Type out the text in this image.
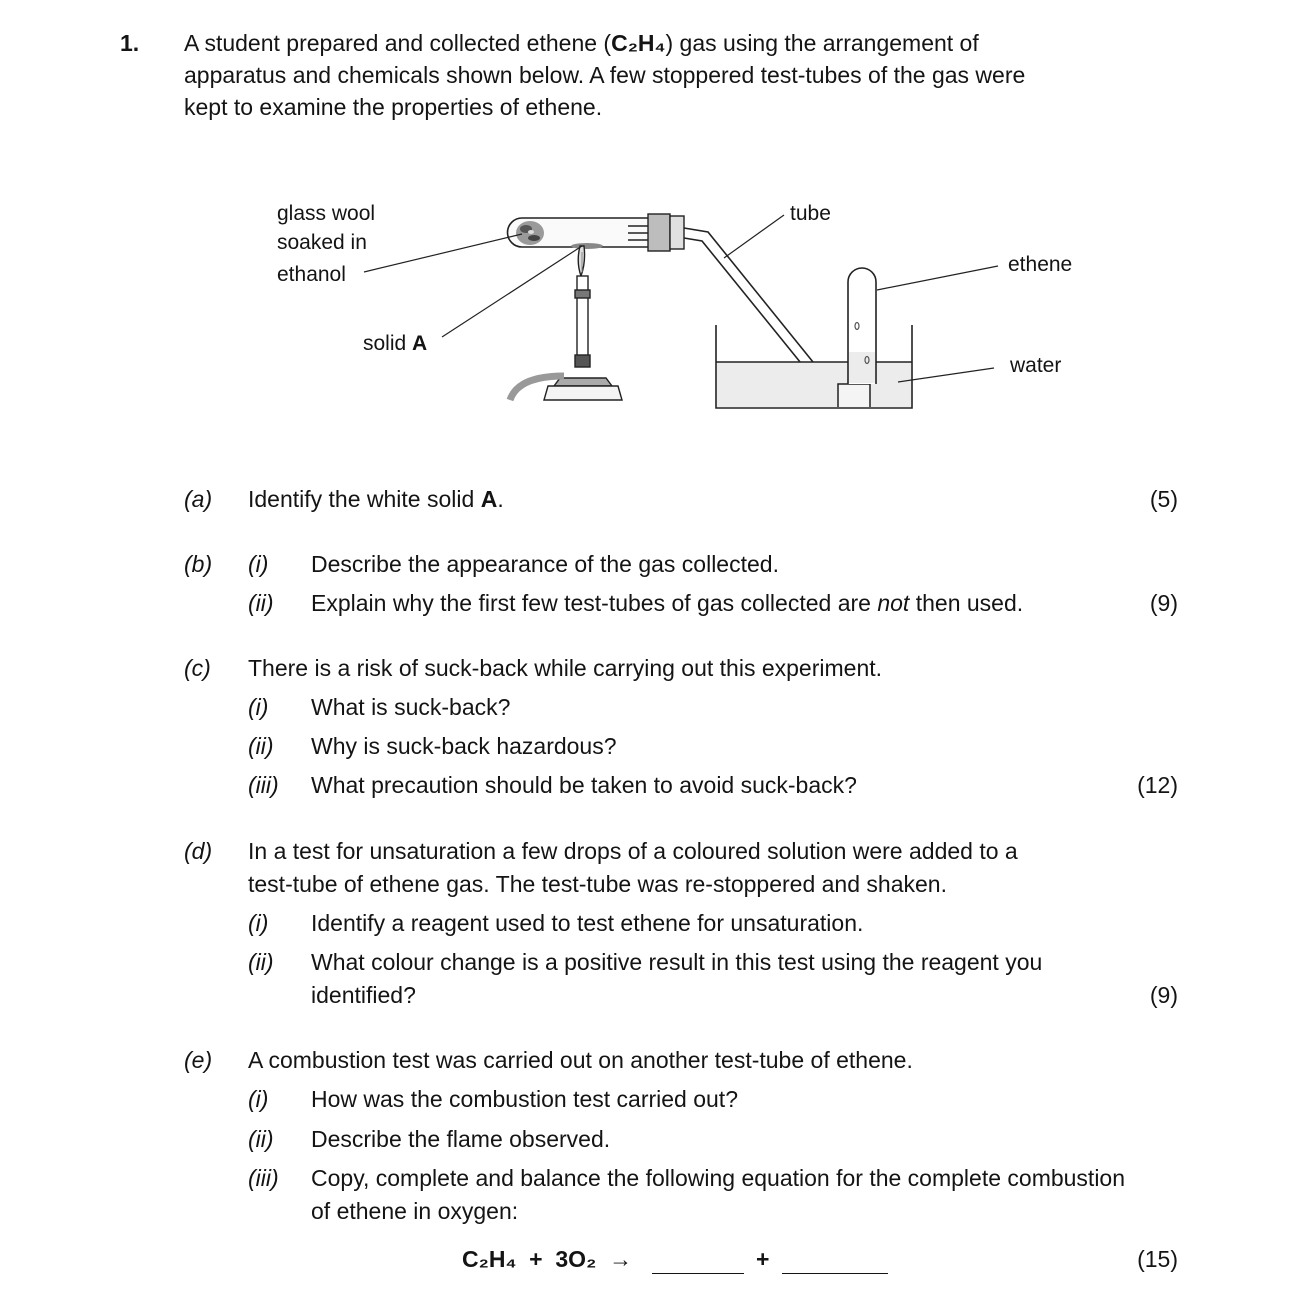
1. A student prepared and collected ethene (C₂H₄) gas using the arrangement of
apparatus and chemicals shown below. A few stoppered test-tubes of the gas were
kept to examine the properties of ethene.
glass wool
soaked in
ethanol
solid A
tube
ethene
water
(a) Identify the white solid A.	(5)
(b) (i) Describe the appearance of the gas collected.
(ii) Explain why the first few test-tubes of gas collected are not then used.	(9)
(c) There is a risk of suck-back while carrying out this experiment.
(i) What is suck-back?
(ii) Why is suck-back hazardous?
(iii) What precaution should be taken to avoid suck-back?	(12)
(d) In a test for unsaturation a few drops of a coloured solution were added to a
test-tube of ethene gas. The test-tube was re-stoppered and shaken.
(i) Identify a reagent used to test ethene for unsaturation.
(ii) What colour change is a positive result in this test using the reagent you
identified?	(9)
(e) A combustion test was carried out on another test-tube of ethene.
(i) How was the combustion test carried out?
(ii) Describe the flame observed.
(iii) Copy, complete and balance the following equation for the complete combustion
of ethene in oxygen:
C₂H₄  +  3O₂  →	+	(15)
